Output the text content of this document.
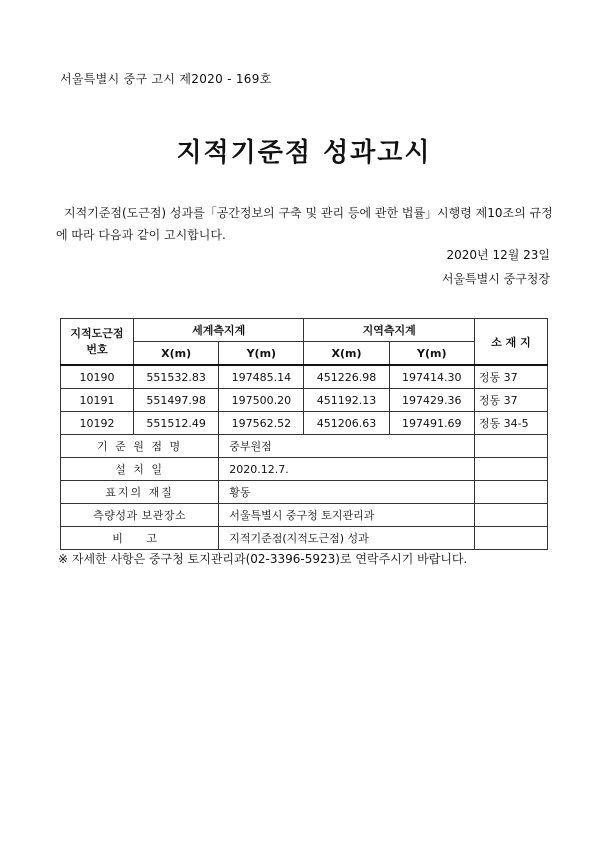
서울특별시 중구 고시 제2020 - 169호
지적기준점 성과고시
지적기준점(도근점) 성과를「공간정보의 구축 및 관리 등에 관한 법률」시행령 제10조의 규정에 따라 다음과 같이 고시합니다.
2020년 12월 23일
서울특별시 중구청장
지적도근점
번호	세계측지계		지역측지계		소 재 지
	X(m)	Y(m)	X(m)	Y(m)	
10190	551532.83	197485.14	451226.98	197414.30	정동 37
10191	551497.98	197500.20	451192.13	197429.36	정동 37
10192	551512.49	197562.52	451206.63	197491.69	정동 34-5
기 준 원 점 명		중부원점			
설 치 일		2020.12.7.			
표지의 재질		황동			
측량성과 보관장소		서울특별시 중구청 토지관리과			
비 고		지적기준점(지적도근점) 성과			
※ 자세한 사항은 중구청 토지관리과(02-3396-5923)로 연락주시기 바랍니다.
